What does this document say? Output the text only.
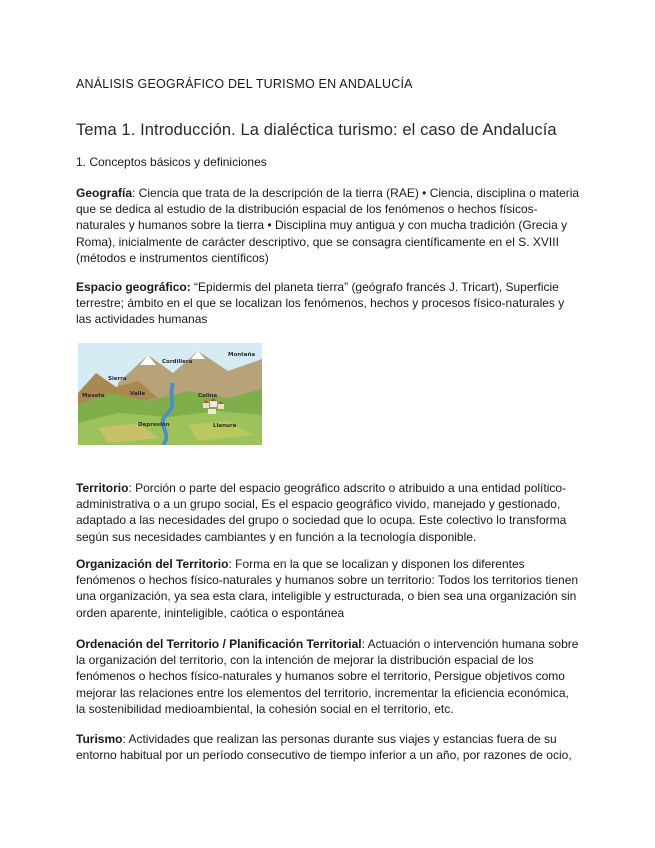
ANÁLISIS GEOGRÁFICO DEL TURISMO EN ANDALUCÍA
Tema 1. Introducción. La dialéctica turismo: el caso de Andalucía
1. Conceptos básicos y definiciones

Geografía: Ciencia que trata de la descripción de la tierra (RAE) • Ciencia, disciplina o materia que se dedica al estudio de la distribución espacial de los fenómenos o hechos físicos-naturales y humanos sobre la tierra • Disciplina muy antigua y con mucha tradición (Grecia y Roma), inicialmente de carácter descriptivo, que se consagra científicamente en el S. XVIII (métodos e instrumentos científicos)

Espacio geográfico: “Epidermis del planeta tierra” (geógrafo francés J. Tricart), Superficie terrestre; ámbito en el que se localizan los fenómenos, hechos y procesos físico-naturales y las actividades humanas

Cordillera
Montaña
Sierra
Meseta	Valle	Colina
Depresión	Llanura

Territorio: Porción o parte del espacio geográfico adscrito o atribuido a una entidad político-administrativa o a un grupo social, Es el espacio geográfico vivido, manejado y gestionado, adaptado a las necesidades del grupo o sociedad que lo ocupa. Este colectivo lo transforma según sus necesidades cambiantes y en función a la tecnología disponible.

Organización del Territorio: Forma en la que se localizan y disponen los diferentes fenómenos o hechos físico-naturales y humanos sobre un territorio: Todos los territorios tienen una organización, ya sea esta clara, inteligible y estructurada, o bien sea una organización sin orden aparente, ininteligible, caótica o espontánea

Ordenación del Territorio / Planificación Territorial: Actuación o intervención humana sobre la organización del territorio, con la intención de mejorar la distribución espacial de los fenómenos o hechos físico-naturales y humanos sobre el territorio, Persigue objetivos como mejorar las relaciones entre los elementos del territorio, incrementar la eficiencia económica, la sostenibilidad medioambiental, la cohesión social en el territorio, etc.

Turismo: Actividades que realizan las personas durante sus viajes y estancias fuera de su entorno habitual por un período consecutivo de tiempo inferior a un año, por razones de ocio,
